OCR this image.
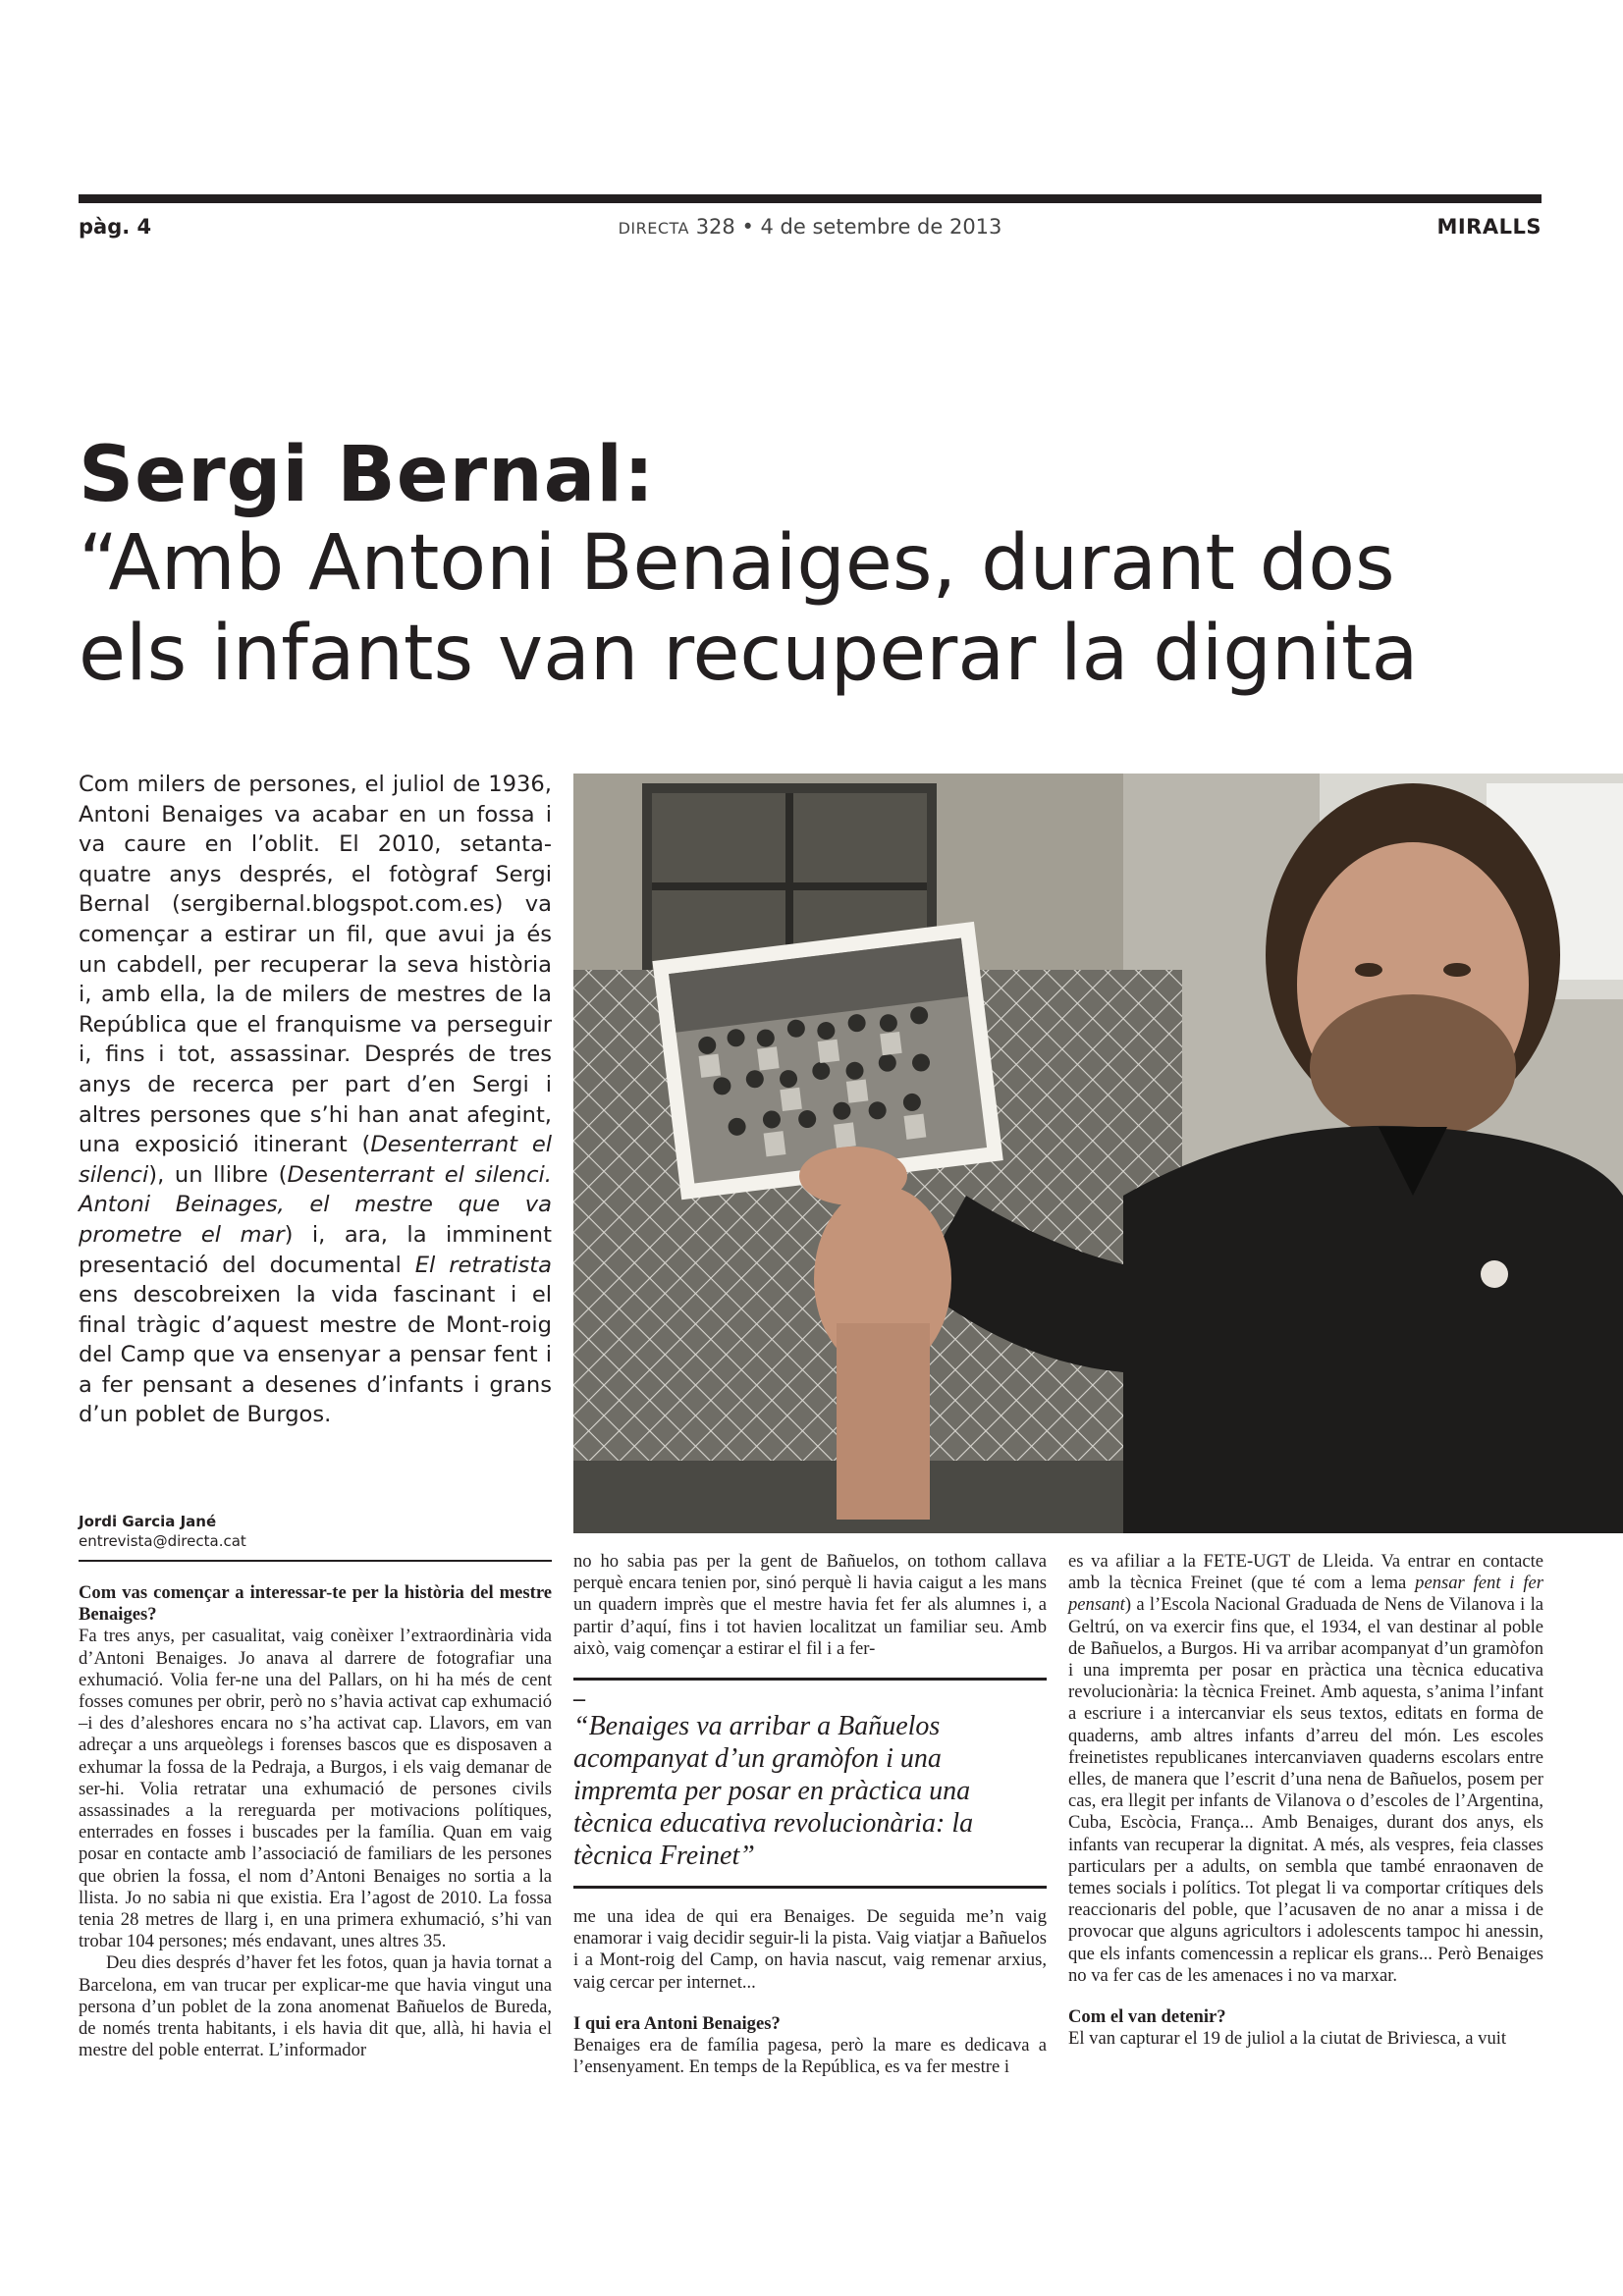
pàg. 4	DIRECTA 328 • 4 de setembre de 2013	MIRALLS
Sergi Bernal:
“Amb Antoni Benaiges, durant dos
els infants van recuperar la dignita

Com milers de persones, el juliol de 1936, Antoni Benaiges va acabar en un fossa i va caure en l’oblit. El 2010, setanta-quatre anys després, el fotògraf Sergi Bernal (sergibernal.blogspot.com.es) va començar a estirar un fil, que avui ja és un cabdell, per recuperar la seva història i, amb ella, la de milers de mestres de la República que el franquisme va perseguir i, fins i tot, assassinar. Després de tres anys de recerca per part d’en Sergi i altres persones que s’hi han anat afegint, una exposició itinerant (Desenterrant el silenci), un llibre (Desenterrant el silenci. Antoni Beinages, el mestre que va prometre el mar) i, ara, la imminent presentació del documental El retratista ens descobreixen la vida fascinant i el final tràgic d’aquest mestre de Mont-roig del Camp que va ensenyar a pensar fent i a fer pensant a desenes d’infants i grans d’un poblet de Burgos.

Jordi Garcia Jané
entrevista@directa.cat

Com vas començar a interessar-te per la història del mestre Benaiges?

Fa tres anys, per casualitat, vaig conèixer l’extraordinària vida d’Antoni Benaiges. Jo anava al darrere de fotografiar una exhumació. Volia fer-ne una del Pallars, on hi ha més de cent fosses comunes per obrir, però no s’havia activat cap exhumació –i des d’aleshores encara no s’ha activat cap. Llavors, em van adreçar a uns arqueòlegs i forenses bascos que es disposaven a exhumar la fossa de la Pedraja, a Burgos, i els vaig demanar de ser-hi. Volia retratar una exhumació de persones civils assassinades a la rereguarda per motivacions polítiques, enterrades en fosses i buscades per la família. Quan em vaig posar en contacte amb l’associació de familiars de les persones que obrien la fossa, el nom d’Antoni Benaiges no sortia a la llista. Jo no sabia ni que existia. Era l’agost de 2010. La fossa tenia 28 metres de llarg i, en una primera exhumació, s’hi van trobar 104 persones; més endavant, unes altres 35.

Deu dies després d’haver fet les fotos, quan ja havia tornat a Barcelona, em van trucar per explicar-me que havia vingut una persona d’un poblet de la zona anomenat Bañuelos de Bureda, de només trenta habitants, i els havia dit que, allà, hi havia el mestre del poble enterrat. L’informador

no ho sabia pas per la gent de Bañuelos, on tothom callava perquè encara tenien por, sinó perquè li havia caigut a les mans un quadern imprès que el mestre havia fet fer als alumnes i, a partir d’aquí, fins i tot havien localitzat un familiar seu. Amb això, vaig començar a estirar el fil i a fer-

–
“Benaiges va arribar a Bañuelos acompanyat d’un gramòfon i una impremta per posar en pràctica una tècnica educativa revolucionària: la tècnica Freinet”

me una idea de qui era Benaiges. De seguida me’n vaig enamorar i vaig decidir seguir-li la pista. Vaig viatjar a Bañuelos i a Mont-roig del Camp, on havia nascut, vaig remenar arxius, vaig cercar per internet...

I qui era Antoni Benaiges?

Benaiges era de família pagesa, però la mare es dedicava a l’ensenyament. En temps de la República, es va fer mestre i

es va afiliar a la FETE-UGT de Lleida. Va entrar en contacte amb la tècnica Freinet (que té com a lema pensar fent i fer pensant) a l’Escola Nacional Graduada de Nens de Vilanova i la Geltrú, on va exercir fins que, el 1934, el van destinar al poble de Bañuelos, a Burgos. Hi va arribar acompanyat d’un gramòfon i una impremta per posar en pràctica una tècnica educativa revolucionària: la tècnica Freinet. Amb aquesta, s’anima l’infant a escriure i a intercanviar els seus textos, editats en forma de quaderns, amb altres infants d’arreu del món. Les escoles freinetistes republicanes intercanviaven quaderns escolars entre elles, de manera que l’escrit d’una nena de Bañuelos, posem per cas, era llegit per infants de Vilanova o d’escoles de l’Argentina, Cuba, Escòcia, França... Amb Benaiges, durant dos anys, els infants van recuperar la dignitat. A més, als vespres, feia classes particulars per a adults, on sembla que també enraonaven de temes socials i polítics. Tot plegat li va comportar crítiques dels reaccionaris del poble, que l’acusaven de no anar a missa i de provocar que alguns agricultors i adolescents tampoc hi anessin, que els infants comencessin a replicar els grans... Però Benaiges no va fer cas de les amenaces i no va marxar.

Com el van detenir?

El van capturar el 19 de juliol a la ciutat de Briviesca, a vuit
